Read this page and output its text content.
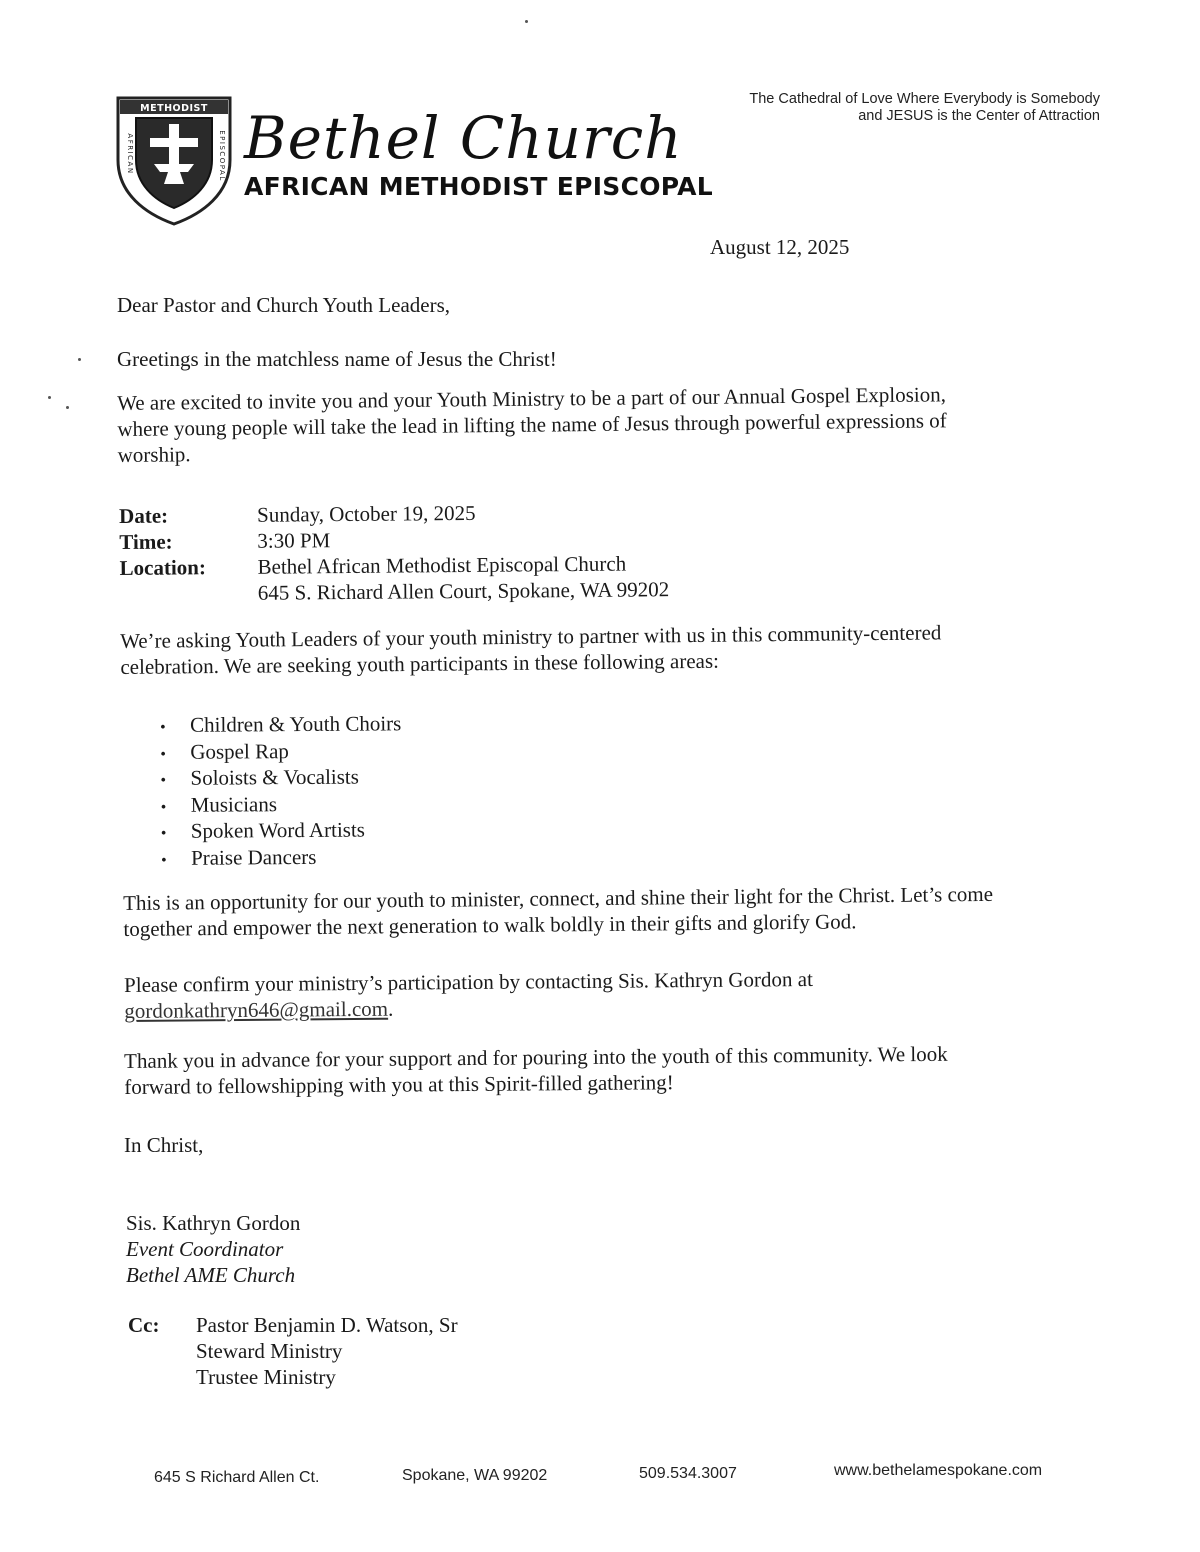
METHODIST
AFRICAN	EPISCOPAL Bethel Church
AFRICAN METHODIST EPISCOPAL
The Cathedral of Love Where Everybody is Somebody
and JESUS is the Center of Attraction
August 12, 2025
Dear Pastor and Church Youth Leaders,
Greetings in the matchless name of Jesus the Christ!
We are excited to invite you and your Youth Ministry to be a part of our Annual Gospel Explosion,
where young people will take the lead in lifting the name of Jesus through powerful expressions of
worship.
Date:	Sunday, October 19, 2025
Time:	3:30 PM
Location:	Bethel African Methodist Episcopal Church
645 S. Richard Allen Court, Spokane, WA 99202
We’re asking Youth Leaders of your youth ministry to partner with us in this community-centered
celebration. We are seeking youth participants in these following areas:
•	Children & Youth Choirs
•	Gospel Rap
•	Soloists & Vocalists
•	Musicians
•	Spoken Word Artists
•	Praise Dancers
This is an opportunity for our youth to minister, connect, and shine their light for the Christ. Let’s come
together and empower the next generation to walk boldly in their gifts and glorify God.
Please confirm your ministry’s participation by contacting Sis. Kathryn Gordon at
gordonkathryn646@gmail.com.
Thank you in advance for your support and for pouring into the youth of this community. We look
forward to fellowshipping with you at this Spirit-filled gathering!
In Christ,
Sis. Kathryn Gordon
Event Coordinator
Bethel AME Church
Cc:	Pastor Benjamin D. Watson, Sr
Steward Ministry
Trustee Ministry
645 S Richard Allen Ct.	Spokane, WA 99202	509.534.3007	www.bethelamespokane.com
